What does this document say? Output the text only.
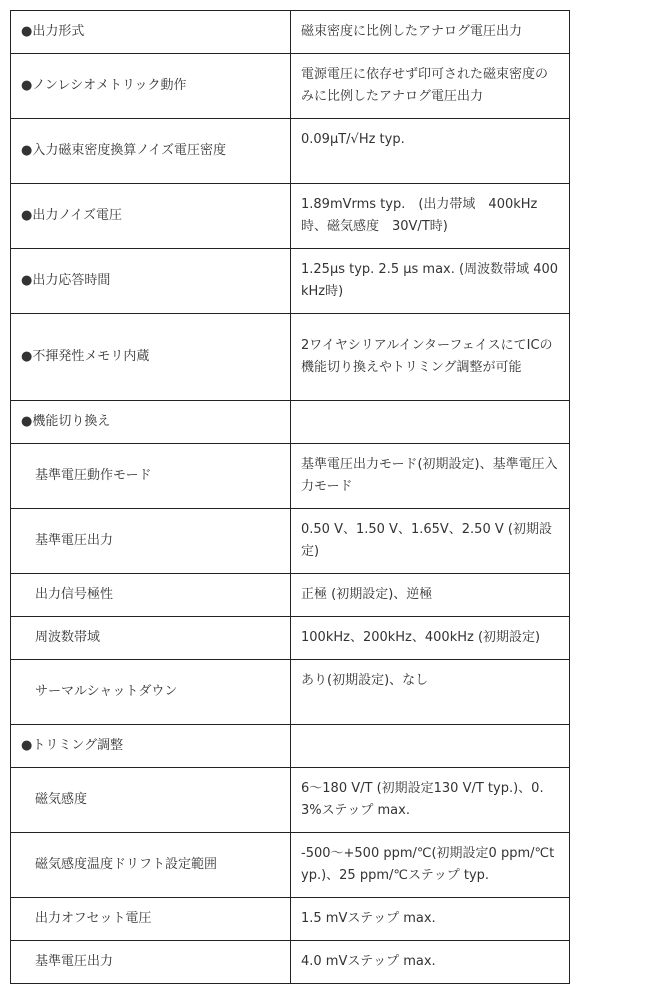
●出力形式	磁束密度に比例したアナログ電圧出力
●ノンレシオメトリック動作	電源電圧に依存せず印可された磁束密度のみに比例したアナログ電圧出力
●入力磁束密度換算ノイズ電圧密度	0.09µT/√Hz typ.
●出力ノイズ電圧	1.89mVrms typ.　(出力帯域　400kHz時、磁気感度　30V/T時)
●出力応答時間	1.25µs typ. 2.5 µs max. (周波数帯域 400kHz時)
●不揮発性メモリ内蔵	2ワイヤシリアルインターフェイスにてICの機能切り換えやトリミング調整が可能
●機能切り換え	
基準電圧動作モード	基準電圧出力モード(初期設定)、基準電圧入力モード
基準電圧出力	0.50 V、1.50 V、1.65V、2.50 V (初期設定)
出力信号極性	正極 (初期設定)、逆極
周波数帯域	100kHz、200kHz、400kHz (初期設定)
サーマルシャットダウン	あり(初期設定)、なし
●トリミング調整	
磁気感度	6〜180 V/T (初期設定130 V/T typ.)、0.3%ステップ max.
磁気感度温度ドリフト設定範囲	-500〜+500 ppm/℃(初期設定0 ppm/℃typ.)、25 ppm/℃ステップ typ.
出力オフセット電圧	1.5 mVステップ max.
基準電圧出力	4.0 mVステップ max.
